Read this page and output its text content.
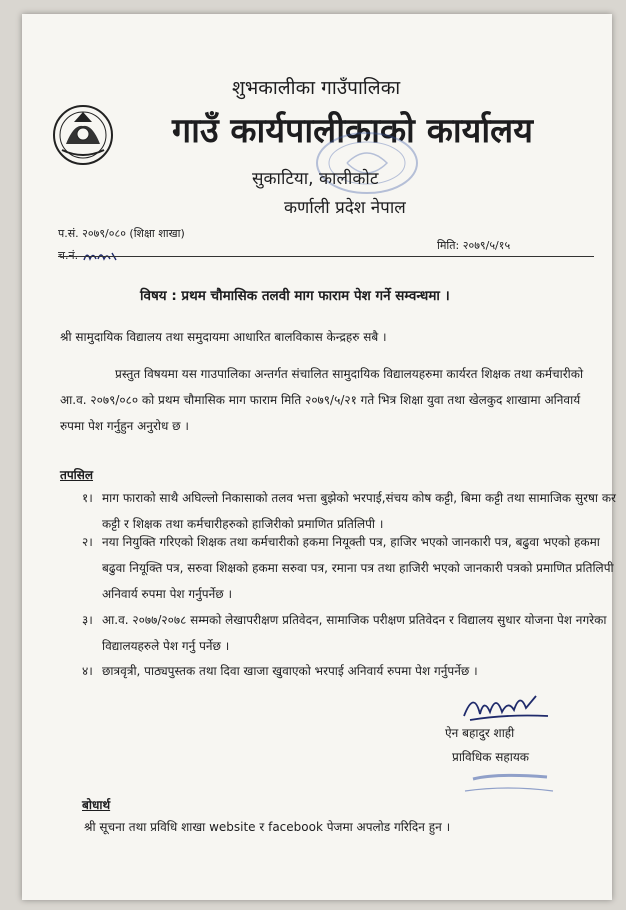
शुभकालीका गाउँपालिका
गाउँ कार्यपालीकाको कार्यालय
सुकाटिया, कालीकोट
कर्णाली प्रदेश नेपाल
प.सं. २०७९/०८० (शिक्षा शाखा)
च.नं.
मिति: २०७९/५/१५
विषय : प्रथम चौमासिक तलवी माग फाराम पेश गर्ने सम्वन्धमा ।
श्री सामुदायिक विद्यालय तथा समुदायमा आधारित बालविकास केन्द्रहरु सबै ।
प्रस्तुत विषयमा यस गाउपालिका अन्तर्गत संचालित सामुदायिक विद्यालयहरुमा कार्यरत शिक्षक तथा कर्मचारीको आ.व. २०७९/०८० को प्रथम चौमासिक माग फाराम मिति २०७९/५/२१ गते भित्र शिक्षा युवा तथा खेलकुद शाखामा अनिवार्य रुपमा पेश गर्नुहुन अनुरोध छ ।
तपसिल
१। माग फाराको साथै अघिल्लो निकासाको तलव भत्ता बुझेको भरपाई,संचय कोष कट्टी, बिमा कट्टी तथा सामाजिक सुरषा कर कट्टी र शिक्षक तथा कर्मचारीहरुको हाजिरीको प्रमाणित प्रतिलिपी ।
२। नया नियुक्ति गरिएको शिक्षक तथा कर्मचारीको हकमा नियूक्ती पत्र, हाजिर भएको जानकारी पत्र, बढुवा भएको हकमा बढुवा नियूक्ति पत्र, सरुवा शिक्षको हकमा सरुवा पत्र, रमाना पत्र तथा हाजिरी भएको जानकारी पत्रको प्रमाणित प्रतिलिपी अनिवार्य रुपमा पेश गर्नुपर्नेछ ।
३। आ.व. २०७७/२०७८ सम्मको लेखापरीक्षण प्रतिवेदन, सामाजिक परीक्षण प्रतिवेदन र विद्यालय सुधार योजना पेश नगरेका विद्यालयहरुले पेश गर्नु पर्नेछ ।
४। छात्रवृत्री, पाठ्यपुस्तक तथा दिवा खाजा खुवाएको भरपाई अनिवार्य रुपमा पेश गर्नुपर्नेछ ।
ऐन बहादुर शाही
प्राविधिक सहायक
बोधार्थ
श्री सूचना तथा प्रविधि शाखा website र facebook पेजमा अपलोड गरिदिन हुन ।
